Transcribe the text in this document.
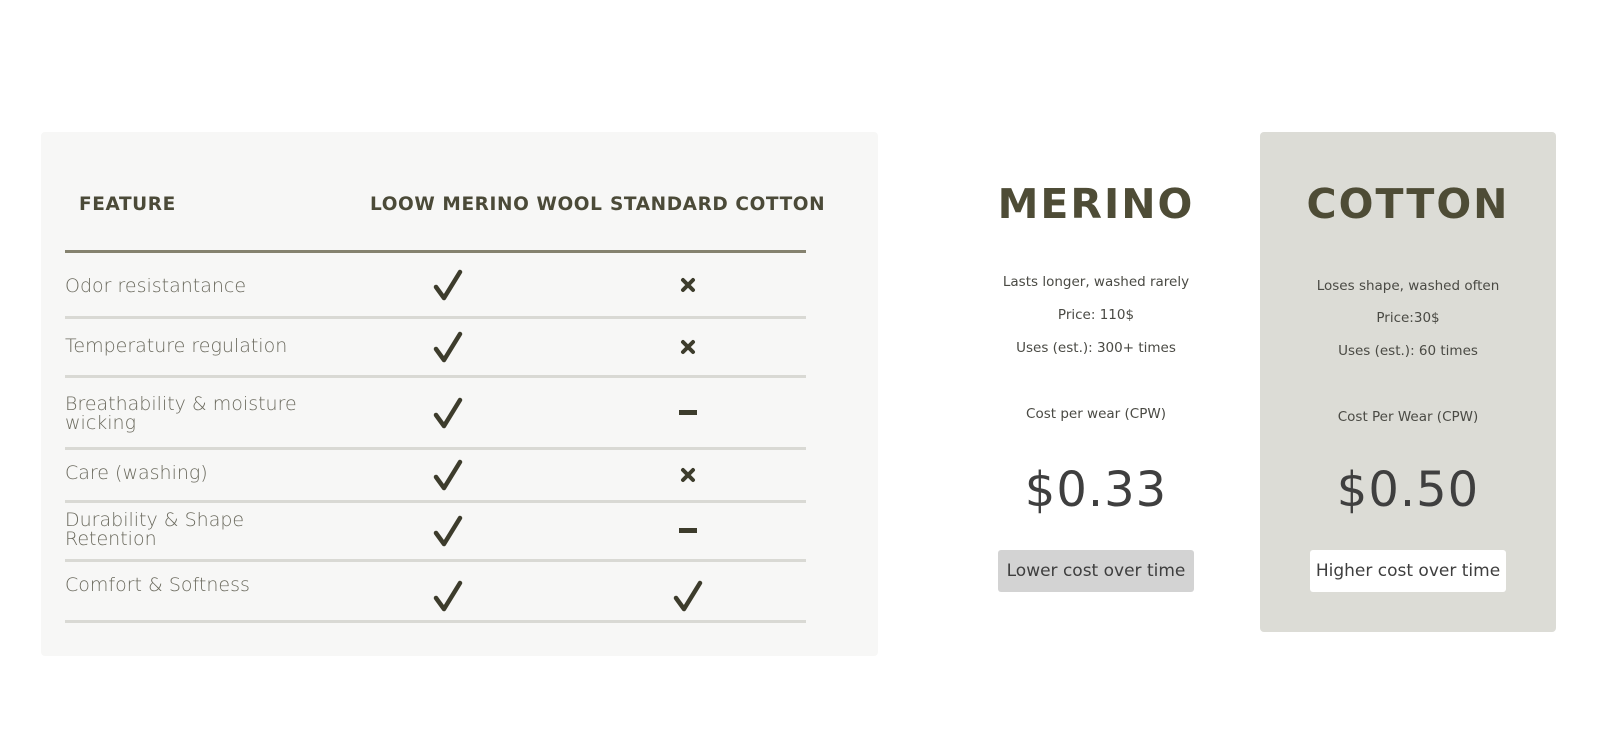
FEATURE	LOOW MERINO WOOL STANDARD COTTON
Odor resistantance
Temperature regulation
Breathability & moisture wicking
Care (washing)
Durability & Shape Retention
Comfort & Softness
MERINO
Lasts longer, washed rarely
Price: 110$
Uses (est.): 300+ times
Cost per wear (CPW)
$0.33
Lower cost over time
COTTON
Loses shape, washed often
Price:30$
Uses (est.): 60 times
Cost Per Wear (CPW)
$0.50
Higher cost over time
